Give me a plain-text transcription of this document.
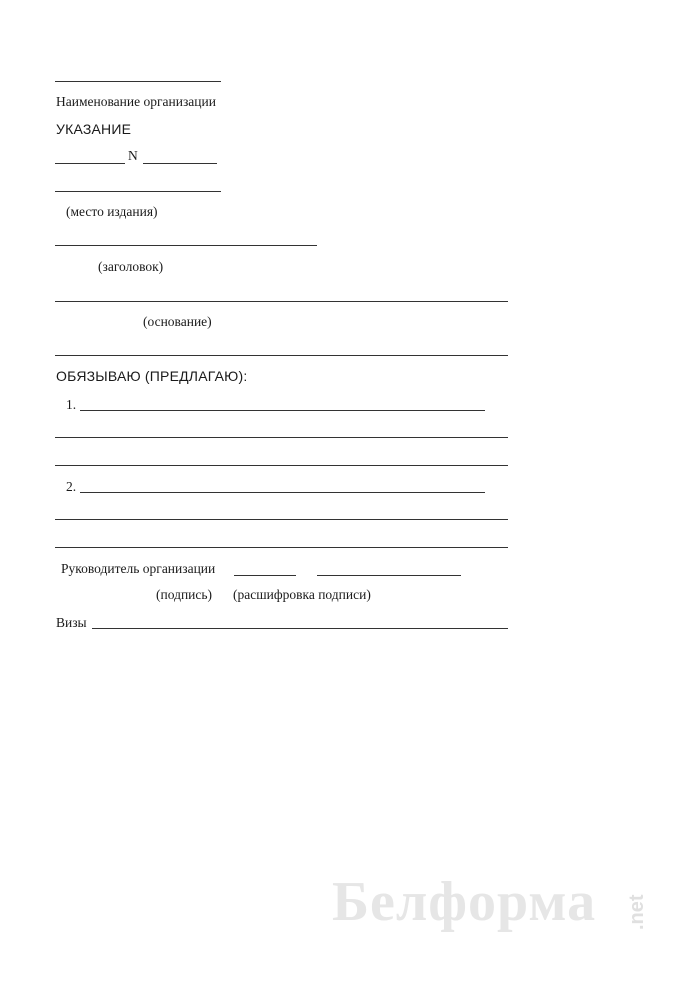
Наименование организации
УКАЗАНИЕ
N
(место издания)
(заголовок)
(основание)
ОБЯЗЫВАЮ (ПРЕДЛАГАЮ):
1.
2.
Руководитель организации
(подпись) (расшифровка подписи)
Визы
Белформа .net
